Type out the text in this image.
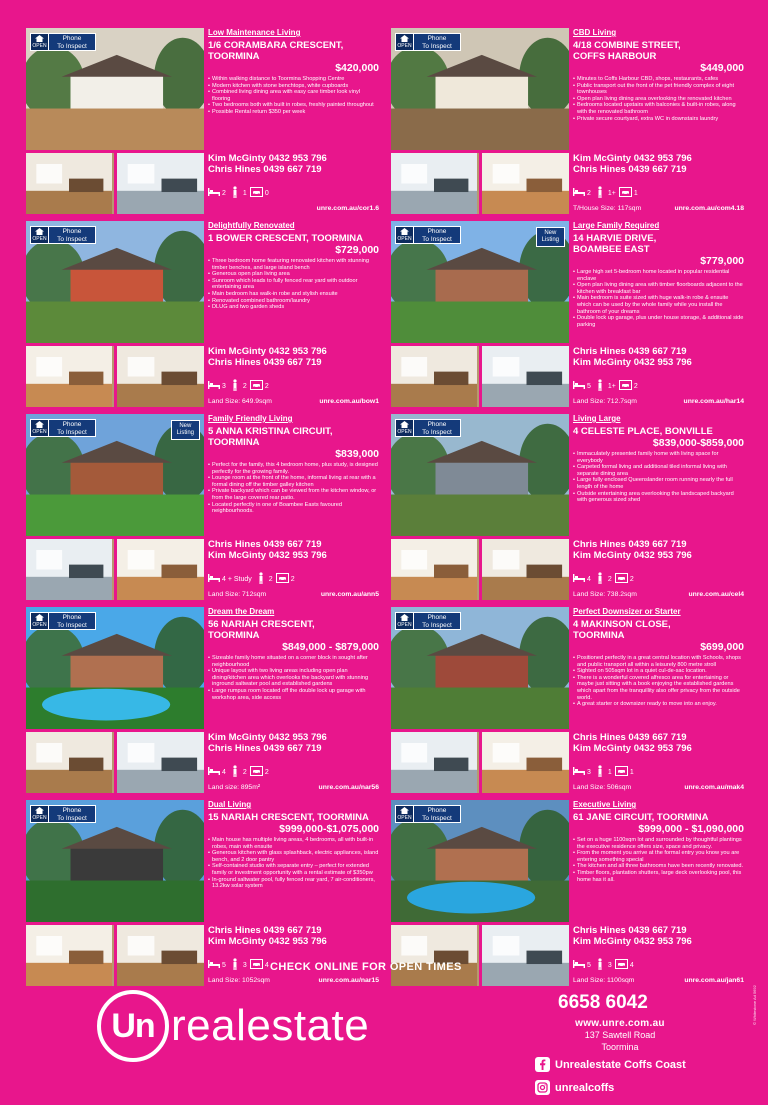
OPEN
Phone
To Inspect
Low Maintenance Living
1/6 CORAMBARA CRESCENT,
TOORMINA
$420,000
• Within walking distance to Toormina Shopping Centre
• Modern kitchen with stone benchtops, white cupboards
• Combined living dining area with easy care timber look vinyl flooring
• Two bedrooms both with built in robes, freshly painted throughout
• Possible Rental return $350 per week
Kim McGinty 0432 953 796
Chris Hines 0439 667 719
2 1	0
unre.com.au/cor1.6
OPEN
Phone
To Inspect
CBD Living
4/18 COMBINE STREET,
COFFS HARBOUR
$449,000
• Minutes to Coffs Harbour CBD, shops, restaurants, cafes
• Public transport out the front of the pet friendly complex of eight townhouses
• Open plan living dining area overlooking the renovated kitchen
• Bedrooms located upstairs with balconies & built-in robes, along with the renovated bathroom
• Private secure courtyard, extra WC in downstairs laundry
Kim McGinty 0432 953 796
Chris Hines 0439 667 719
2 1+	1
T/House Size: 117sqm	unre.com.au/com4.18
OPEN
Phone
To Inspect
Delightfully Renovated
1 BOWER CRESCENT, TOORMINA
$729,000
• Three bedroom home featuring renovated kitchen with stunning timber benches, and large island bench
• Generous open plan living area
• Sunroom which leads to fully fenced rear yard with outdoor entertaining area
• Main bedroom has walk-in robe and stylish ensuite
• Renovated combined bathroom/laundry
• DLUG and two garden sheds
Kim McGinty 0432 953 796
Chris Hines 0439 667 719
3 2	2
Land Size: 649.9sqm	unre.com.au/bow1
OPEN
Phone
To Inspect
New
Listing
Large Family Required
14 HARVIE DRIVE,
BOAMBEE EAST
$779,000
• Large high set 5-bedroom home located in popular residential enclave
• Open plan living dining area with timber floorboards adjacent to the kitchen with breakfast bar
• Main bedroom is suite sized with huge walk-in robe & ensuite which can be used by the whole family while you install the bathroom of your dreams
• Double lock up garage, plus under house storage, & additional side parking
Chris Hines 0439 667 719
Kim McGinty 0432 953 796
5 1+	2
Land Size: 712.7sqm	unre.com.au/har14
OPEN
Phone
To Inspect
New
Listing
Family Friendly Living
5 ANNA KRISTINA CIRCUIT,
TOORMINA
$839,000
• Perfect for the family, this 4 bedroom home, plus study, is designed perfectly for the growing family.
• Lounge room at the front of the home, informal living at rear with a formal dining off the timber galley kitchen
• Private backyard which can be viewed from the kitchen window, or from the large covered rear patio.
• Located perfectly in one of Boambee Easts favoured neighbourhoods.
Chris Hines 0439 667 719
Kim McGinty 0432 953 796
4 + Study 2	2
Land Size: 712sqm	unre.com.au/ann5
OPEN
Phone
To Inspect
Living Large
4 CELESTE PLACE, BONVILLE
$839,000-$859,000
• Immaculately presented family home with living space for everybody
• Carpeted formal living and additional tiled informal living with separate dining area
• Large fully enclosed Queenslander room running nearly the full length of the home
• Outside entertaining area overlooking the landscaped backyard with generous sized shed
Chris Hines 0439 667 719
Kim McGinty 0432 953 796
4 2	2
Land Size: 738.2sqm	unre.com.au/cel4
OPEN
Phone
To Inspect
Dream the Dream
56 NARIAH CRESCENT,
TOORMINA
$849,000 - $879,000
• Sizeable family home situated on a corner block in sought after neighbourhood
• Unique layout with two living areas including open plan dining/kitchen area which overlooks the backyard with stunning inground saltwater pool and established gardens
• Large rumpus room located off the double lock up garage with workshop area, side access
Kim McGinty 0432 953 796
Chris Hines 0439 667 719
4 2	2
Land size: 895m²	unre.com.au/nar56
OPEN
Phone
To Inspect
Perfect Downsizer or Starter
4 MAKINSON CLOSE,
TOORMINA
$699,000
• Positioned perfectly in a great central location with Schools, shops and public transport all within a leisurely 800 metre stroll
• Sighted on 505sqm lot in a quiet cul-de-sac location.
• There is a wonderful covered alfresco area for entertaining or maybe just sitting with a book enjoying the established gardens which apart from the tranquillity also offer privacy from the outside world.
• A great starter or downsizer ready to move into an enjoy.
Chris Hines 0439 667 719
Kim McGinty 0432 953 796
3 1	1
Land Size: 506sqm	unre.com.au/mak4
OPEN
Phone
To Inspect
Dual Living
15 NARIAH CRESCENT, TOORMINA
$999,000-$1,075,000
• Main house has multiple living areas, 4 bedrooms, all with built-in robes, main with ensuite
• Generous kitchen with glass splashback, electric appliances, island bench, and 2 door pantry
• Self-contained studio with separate entry – perfect for extended family or investment opportunity with a rental estimate of $350pw
• In-ground saltwater pool, fully fenced rear yard, 7 air-conditioners, 13.2kw solar system
Chris Hines 0439 667 719
Kim McGinty 0432 953 796
5 3	4
Land Size: 1052sqm	unre.com.au/nar15
OPEN
Phone
To Inspect
Executive Living
61 JANE CIRCUIT, TOORMINA
$999,000 - $1,090,000
• Set on a huge 1100sqm lot and surrounded by thoughtful plantings the executive residence offers size, space and privacy.
• From the moment you arrive at the formal entry you know you are entering something special
• The kitchen and all three bathrooms have been recently renovated.
• Timber floors, plantation shutters, large deck overlooking pool, this home has it all.
Chris Hines 0439 667 719
Kim McGinty 0432 953 796
5 3	4
Land Size: 1100sqm	unre.com.au/jan61
CHECK ONLINE FOR OPEN TIMES
Un realestate	6658 6042
www.unre.com.au
137 Sawtell Road
Toormina
Unrealestate Coffs Coast
unrealcoffs
© Whitestone Ad 5692
